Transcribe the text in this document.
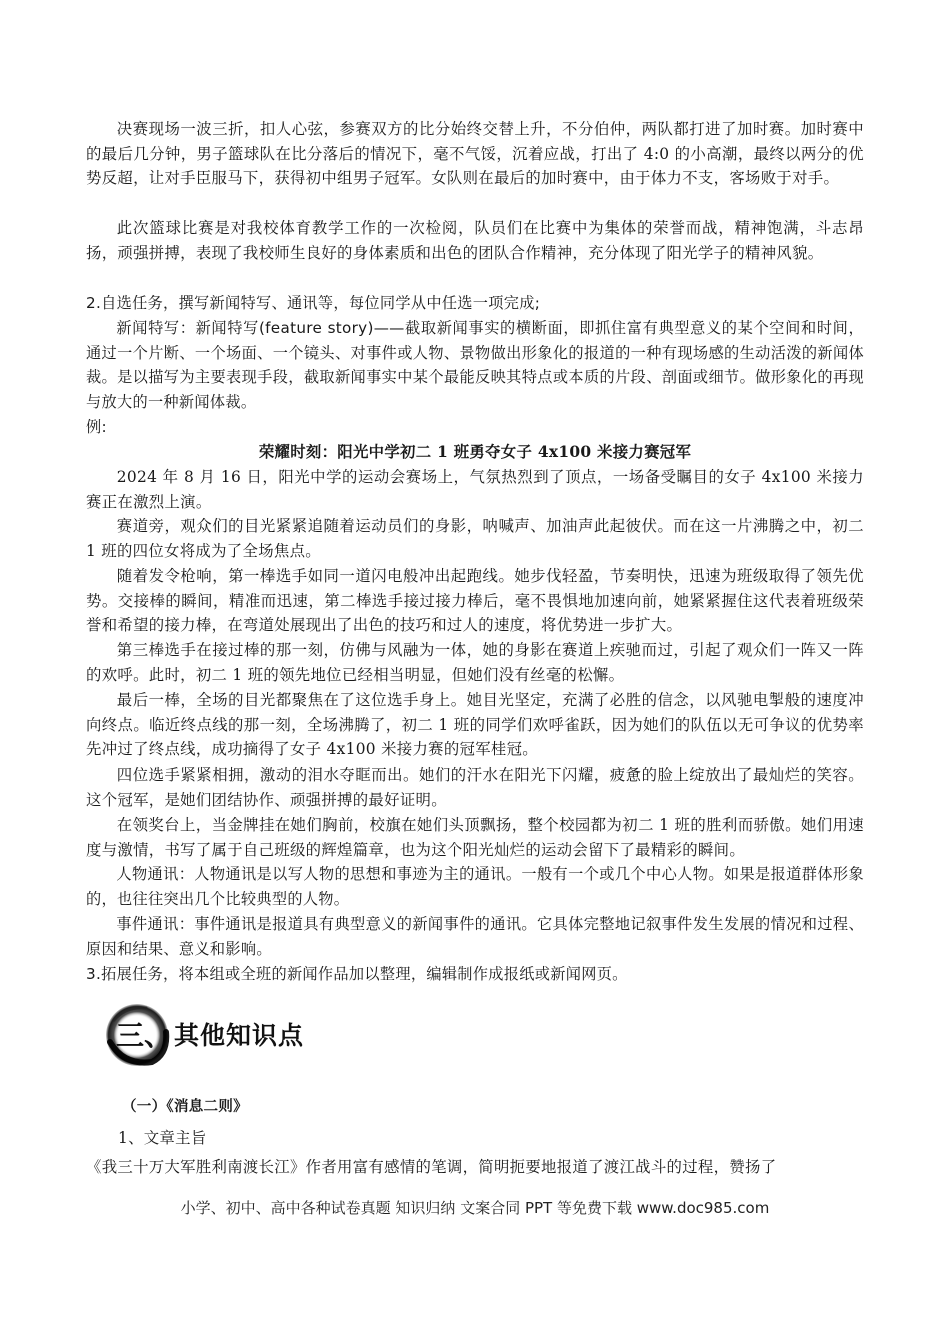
决赛现场一波三折，扣人心弦，参赛双方的比分始终交替上升，不分伯仲，两队都打进了加时赛。加时赛中的最后几分钟，男子篮球队在比分落后的情况下，毫不气馁，沉着应战，打出了 4:0 的小高潮，最终以两分的优势反超，让对手臣服马下，获得初中组男子冠军。女队则在最后的加时赛中，由于体力不支，客场败于对手。
此次篮球比赛是对我校体育教学工作的一次检阅，队员们在比赛中为集体的荣誉而战，精神饱满，斗志昂扬，顽强拼搏，表现了我校师生良好的身体素质和出色的团队合作精神，充分体现了阳光学子的精神风貌。
2.自选任务，撰写新闻特写、通讯等，每位同学从中任选一项完成;
新闻特写：新闻特写(feature story)——截取新闻事实的横断面，即抓住富有典型意义的某个空间和时间，通过一个片断、一个场面、一个镜头、对事件或人物、景物做出形象化的报道的一种有现场感的生动活泼的新闻体裁。是以描写为主要表现手段，截取新闻事实中某个最能反映其特点或本质的片段、剖面或细节。做形象化的再现与放大的一种新闻体裁。
例:
荣耀时刻：阳光中学初二 1 班勇夺女子 4x100 米接力赛冠军
2024 年 8 月 16 日，阳光中学的运动会赛场上，气氛热烈到了顶点，一场备受瞩目的女子 4x100 米接力赛正在激烈上演。
赛道旁，观众们的目光紧紧追随着运动员们的身影，呐喊声、加油声此起彼伏。而在这一片沸腾之中，初二 1 班的四位女将成为了全场焦点。
随着发令枪响，第一棒选手如同一道闪电般冲出起跑线。她步伐轻盈，节奏明快，迅速为班级取得了领先优势。交接棒的瞬间，精准而迅速，第二棒选手接过接力棒后，毫不畏惧地加速向前，她紧紧握住这代表着班级荣誉和希望的接力棒，在弯道处展现出了出色的技巧和过人的速度，将优势进一步扩大。
第三棒选手在接过棒的那一刻，仿佛与风融为一体，她的身影在赛道上疾驰而过，引起了观众们一阵又一阵的欢呼。此时，初二 1 班的领先地位已经相当明显，但她们没有丝毫的松懈。
最后一棒，全场的目光都聚焦在了这位选手身上。她目光坚定，充满了必胜的信念，以风驰电掣般的速度冲向终点。临近终点线的那一刻，全场沸腾了，初二 1 班的同学们欢呼雀跃，因为她们的队伍以无可争议的优势率先冲过了终点线，成功摘得了女子 4x100 米接力赛的冠军桂冠。
四位选手紧紧相拥，激动的泪水夺眶而出。她们的汗水在阳光下闪耀，疲惫的脸上绽放出了最灿烂的笑容。这个冠军，是她们团结协作、顽强拼搏的最好证明。
在领奖台上，当金牌挂在她们胸前，校旗在她们头顶飘扬，整个校园都为初二 1 班的胜利而骄傲。她们用速度与激情，书写了属于自己班级的辉煌篇章，也为这个阳光灿烂的运动会留下了最精彩的瞬间。
人物通讯：人物通讯是以写人物的思想和事迹为主的通讯。一般有一个或几个中心人物。如果是报道群体形象的，也往往突出几个比较典型的人物。
事件通讯：事件通讯是报道具有典型意义的新闻事件的通讯。它具体完整地记叙事件发生发展的情况和过程、原因和结果、意义和影响。
3.拓展任务，将本组或全班的新闻作品加以整理，编辑制作成报纸或新闻网页。
三、 其他知识点
（一）《消息二则》
1、文章主旨
《我三十万大军胜利南渡长江》作者用富有感情的笔调，简明扼要地报道了渡江战斗的过程，赞扬了
小学、初中、高中各种试卷真题 知识归纳 文案合同 PPT 等免费下载 www.doc985.com
